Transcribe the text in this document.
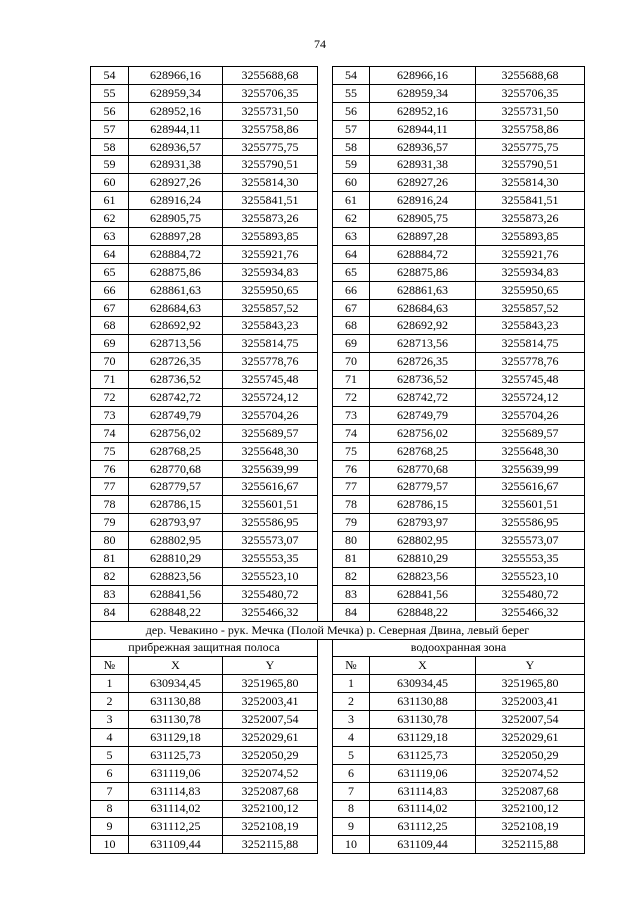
74
54	628966,16	3255688,68		54	628966,16	3255688,68
55	628959,34	3255706,35		55	628959,34	3255706,35
56	628952,16	3255731,50		56	628952,16	3255731,50
57	628944,11	3255758,86		57	628944,11	3255758,86
58	628936,57	3255775,75		58	628936,57	3255775,75
59	628931,38	3255790,51		59	628931,38	3255790,51
60	628927,26	3255814,30		60	628927,26	3255814,30
61	628916,24	3255841,51		61	628916,24	3255841,51
62	628905,75	3255873,26		62	628905,75	3255873,26
63	628897,28	3255893,85		63	628897,28	3255893,85
64	628884,72	3255921,76		64	628884,72	3255921,76
65	628875,86	3255934,83		65	628875,86	3255934,83
66	628861,63	3255950,65		66	628861,63	3255950,65
67	628684,63	3255857,52		67	628684,63	3255857,52
68	628692,92	3255843,23		68	628692,92	3255843,23
69	628713,56	3255814,75		69	628713,56	3255814,75
70	628726,35	3255778,76		70	628726,35	3255778,76
71	628736,52	3255745,48		71	628736,52	3255745,48
72	628742,72	3255724,12		72	628742,72	3255724,12
73	628749,79	3255704,26		73	628749,79	3255704,26
74	628756,02	3255689,57		74	628756,02	3255689,57
75	628768,25	3255648,30		75	628768,25	3255648,30
76	628770,68	3255639,99		76	628770,68	3255639,99
77	628779,57	3255616,67		77	628779,57	3255616,67
78	628786,15	3255601,51		78	628786,15	3255601,51
79	628793,97	3255586,95		79	628793,97	3255586,95
80	628802,95	3255573,07		80	628802,95	3255573,07
81	628810,29	3255553,35		81	628810,29	3255553,35
82	628823,56	3255523,10		82	628823,56	3255523,10
83	628841,56	3255480,72		83	628841,56	3255480,72
84	628848,22	3255466,32		84	628848,22	3255466,32
дер. Чевакино - рук. Мечка (Полой Мечка) р. Северная Двина, левый берег						
прибрежная защитная полоса				водоохранная зона		
№	X	Y		№	X	Y
1	630934,45	3251965,80		1	630934,45	3251965,80
2	631130,88	3252003,41		2	631130,88	3252003,41
3	631130,78	3252007,54		3	631130,78	3252007,54
4	631129,18	3252029,61		4	631129,18	3252029,61
5	631125,73	3252050,29		5	631125,73	3252050,29
6	631119,06	3252074,52		6	631119,06	3252074,52
7	631114,83	3252087,68		7	631114,83	3252087,68
8	631114,02	3252100,12		8	631114,02	3252100,12
9	631112,25	3252108,19		9	631112,25	3252108,19
10	631109,44	3252115,88		10	631109,44	3252115,88
